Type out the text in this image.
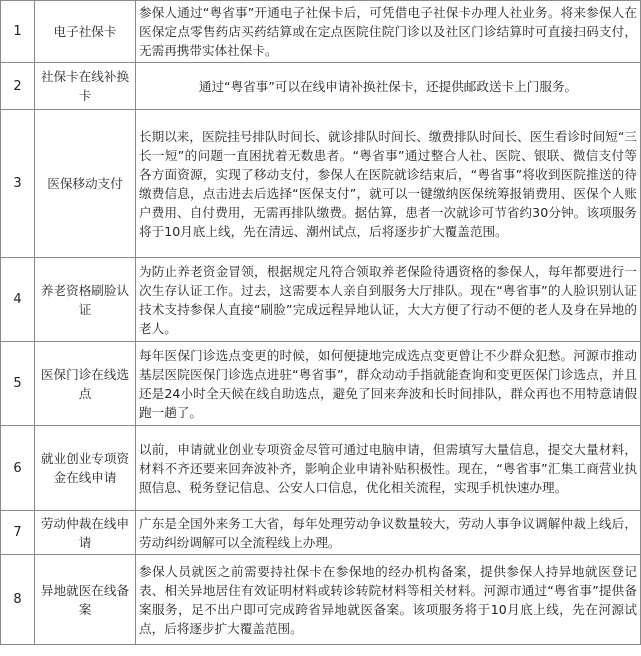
1	电子社保卡	参保人通过“粤省事”开通电子社保卡后，可凭借电子社保卡办理人社业务。将来参保人在医保定点零售药店买药结算或在定点医院住院门诊以及社区门诊结算时可直接扫码支付，无需再携带实体社保卡。
2	社保卡在线补换卡	通过“粤省事”可以在线申请补换社保卡，还提供邮政送卡上门服务。
3	医保移动支付	长期以来，医院挂号排队时间长、就诊排队时间长、缴费排队时间长、医生看诊时间短“三长一短”的问题一直困扰着无数患者。“粤省事”通过整合人社、医院、银联、微信支付等各方面资源，实现了移动支付，参保人在医院就诊结束后，“粤省事”将收到医院推送的待缴费信息，点击进去后选择“医保支付”，就可以一键缴纳医保统筹报销费用、医保个人账户费用、自付费用，无需再排队缴费。据估算，患者一次就诊可节省约30分钟。该项服务将于10月底上线，先在清远、潮州试点，后将逐步扩大覆盖范围。
4	养老资格刷脸认证	为防止养老资金冒领，根据规定凡符合领取养老保险待遇资格的参保人，每年都要进行一次生存认证工作。过去，这需要本人亲自到服务大厅排队。现在“粤省事”的人脸识别认证技术支持参保人直接“刷脸”完成远程异地认证，大大方便了行动不便的老人及身在异地的老人。
5	医保门诊在线选点	每年医保门诊选点变更的时候，如何便捷地完成选点变更曾让不少群众犯愁。河源市推动基层医院医保门诊选点进驻“粤省事”，群众动动手指就能查询和变更医保门诊选点，并且还是24小时全天候在线自助选点，避免了回来奔波和长时间排队，群众再也不用特意请假跑一趟了。
6	就业创业专项资金在线申请	以前，申请就业创业专项资金尽管可通过电脑申请，但需填写大量信息，提交大量材料，材料不齐还要来回奔波补齐，影响企业申请补贴积极性。现在，“粤省事”汇集工商营业执照信息、税务登记信息、公安人口信息，优化相关流程，实现手机快速办理。
7	劳动仲裁在线申请	广东是全国外来务工大省，每年处理劳动争议数量较大，劳动人事争议调解仲裁上线后，劳动纠纷调解可以全流程线上办理。
8	异地就医在线备案	参保人员就医之前需要持社保卡在参保地的经办机构备案，提供参保人持异地就医登记表、相关异地居住有效证明材料或转诊转院材料等相关材料。河源市通过“粤省事”提供备案服务，足不出户即可完成跨省异地就医备案。该项服务将于10月底上线，先在河源试点，后将逐步扩大覆盖范围。
